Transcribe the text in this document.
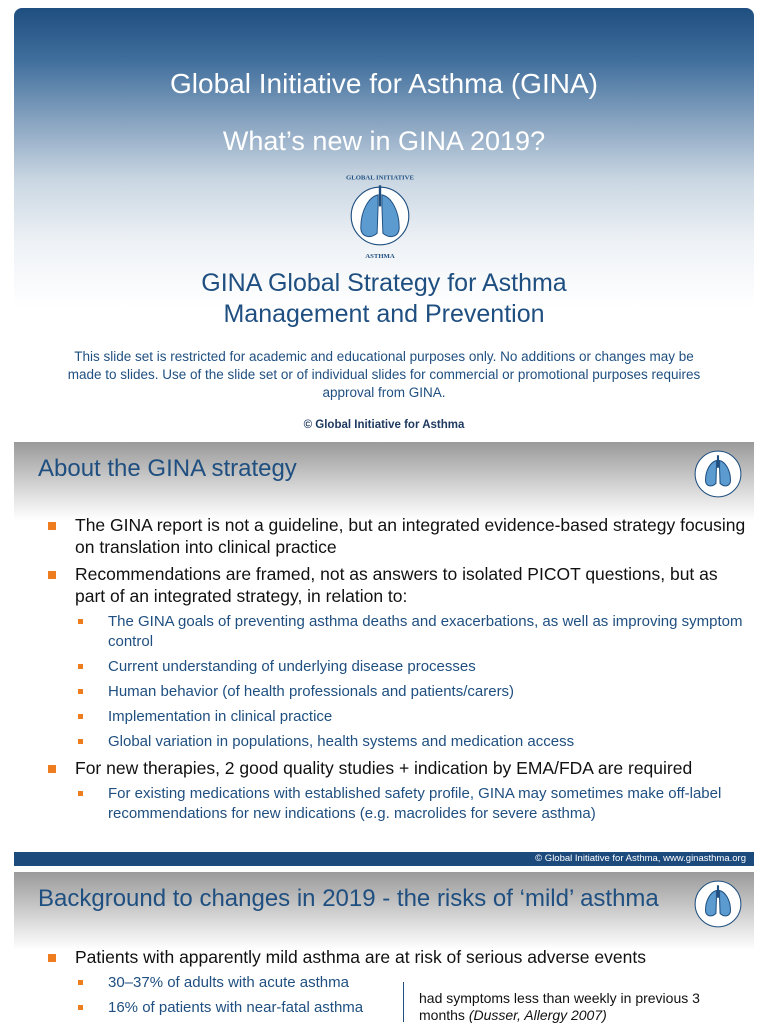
Global Initiative for Asthma (GINA)
What’s new in GINA 2019?
GLOBAL INITIATIVE
ASTHMA
GINA Global Strategy for Asthma
Management and Prevention
This slide set is restricted for academic and educational purposes only. No additions or changes may be made to slides. Use of the slide set or of individual slides for commercial or promotional purposes requires approval from GINA.
© Global Initiative for Asthma
About the GINA strategy
The GINA report is not a guideline, but an integrated evidence-based strategy focusing on translation into clinical practice
Recommendations are framed, not as answers to isolated PICOT questions, but as part of an integrated strategy, in relation to:
The GINA goals of preventing asthma deaths and exacerbations, as well as improving symptom control
Current understanding of underlying disease processes
Human behavior (of health professionals and patients/carers)
Implementation in clinical practice
Global variation in populations, health systems and medication access
For new therapies, 2 good quality studies + indication by EMA/FDA are required
For existing medications with established safety profile, GINA may sometimes make off-label recommendations for new indications (e.g. macrolides for severe asthma)
© Global Initiative for Asthma, www.ginasthma.org
Background to changes in 2019 - the risks of ‘mild’ asthma
Patients with apparently mild asthma are at risk of serious adverse events
30–37% of adults with acute asthma
16% of patients with near-fatal asthma
had symptoms less than weekly in previous 3 months (Dusser, Allergy 2007)
